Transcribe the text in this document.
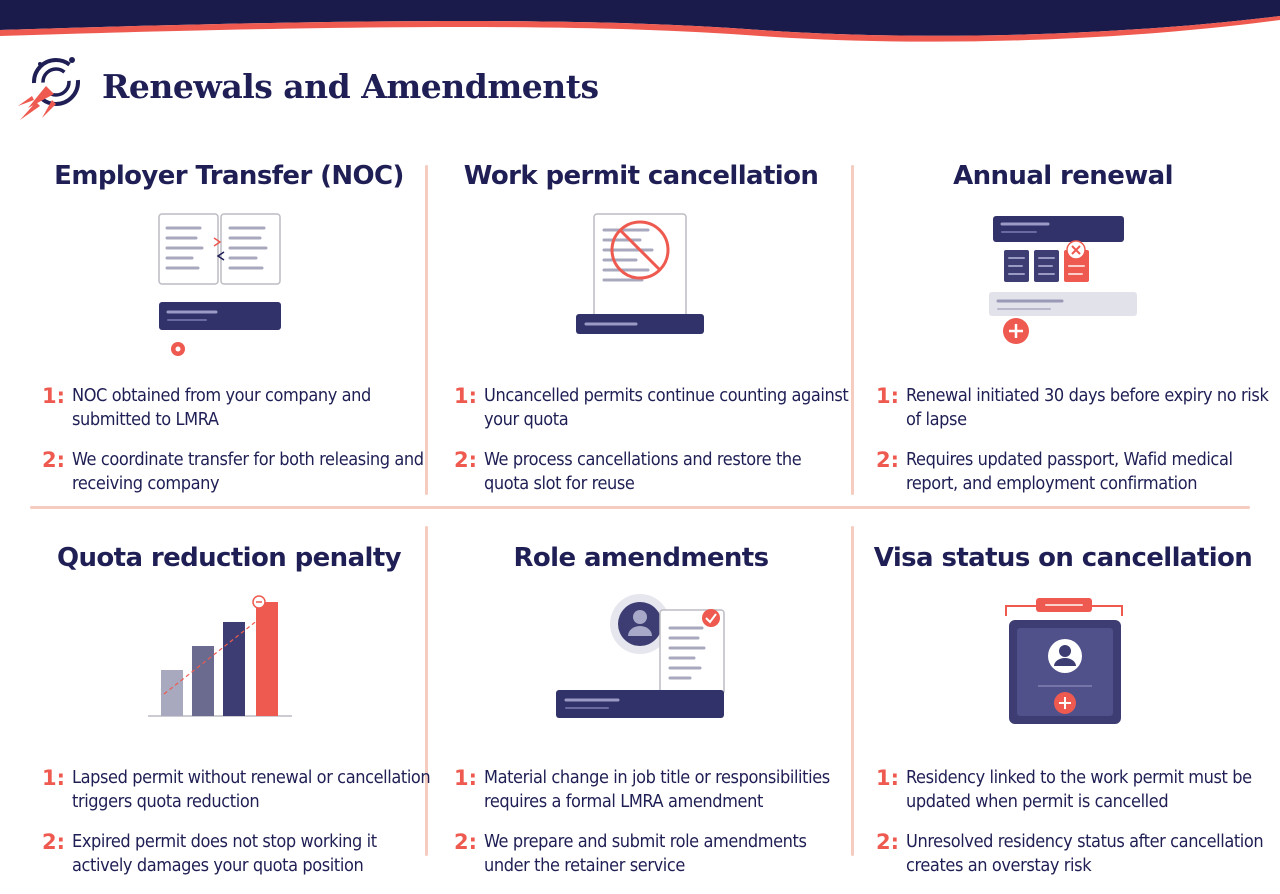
Renewals and Amendments
Employer Transfer (NOC)
1: NOC obtained from your company and submitted to LMRA
2: We coordinate transfer for both releasing and receiving company
Work permit cancellation
1: Uncancelled permits continue counting against your quota
2: We process cancellations and restore the quota slot for reuse
Annual renewal
1: Renewal initiated 30 days before expiry no risk of lapse
2: Requires updated passport, Wafid medical report, and employment confirmation
Quota reduction penalty
1: Lapsed permit without renewal or cancellation triggers quota reduction
2: Expired permit does not stop working it actively damages your quota position
Role amendments
1: Material change in job title or responsibilities requires a formal LMRA amendment
2: We prepare and submit role amendments under the retainer service
Visa status on cancellation
1: Residency linked to the work permit must be updated when permit is cancelled
2: Unresolved residency status after cancellation creates an overstay risk
